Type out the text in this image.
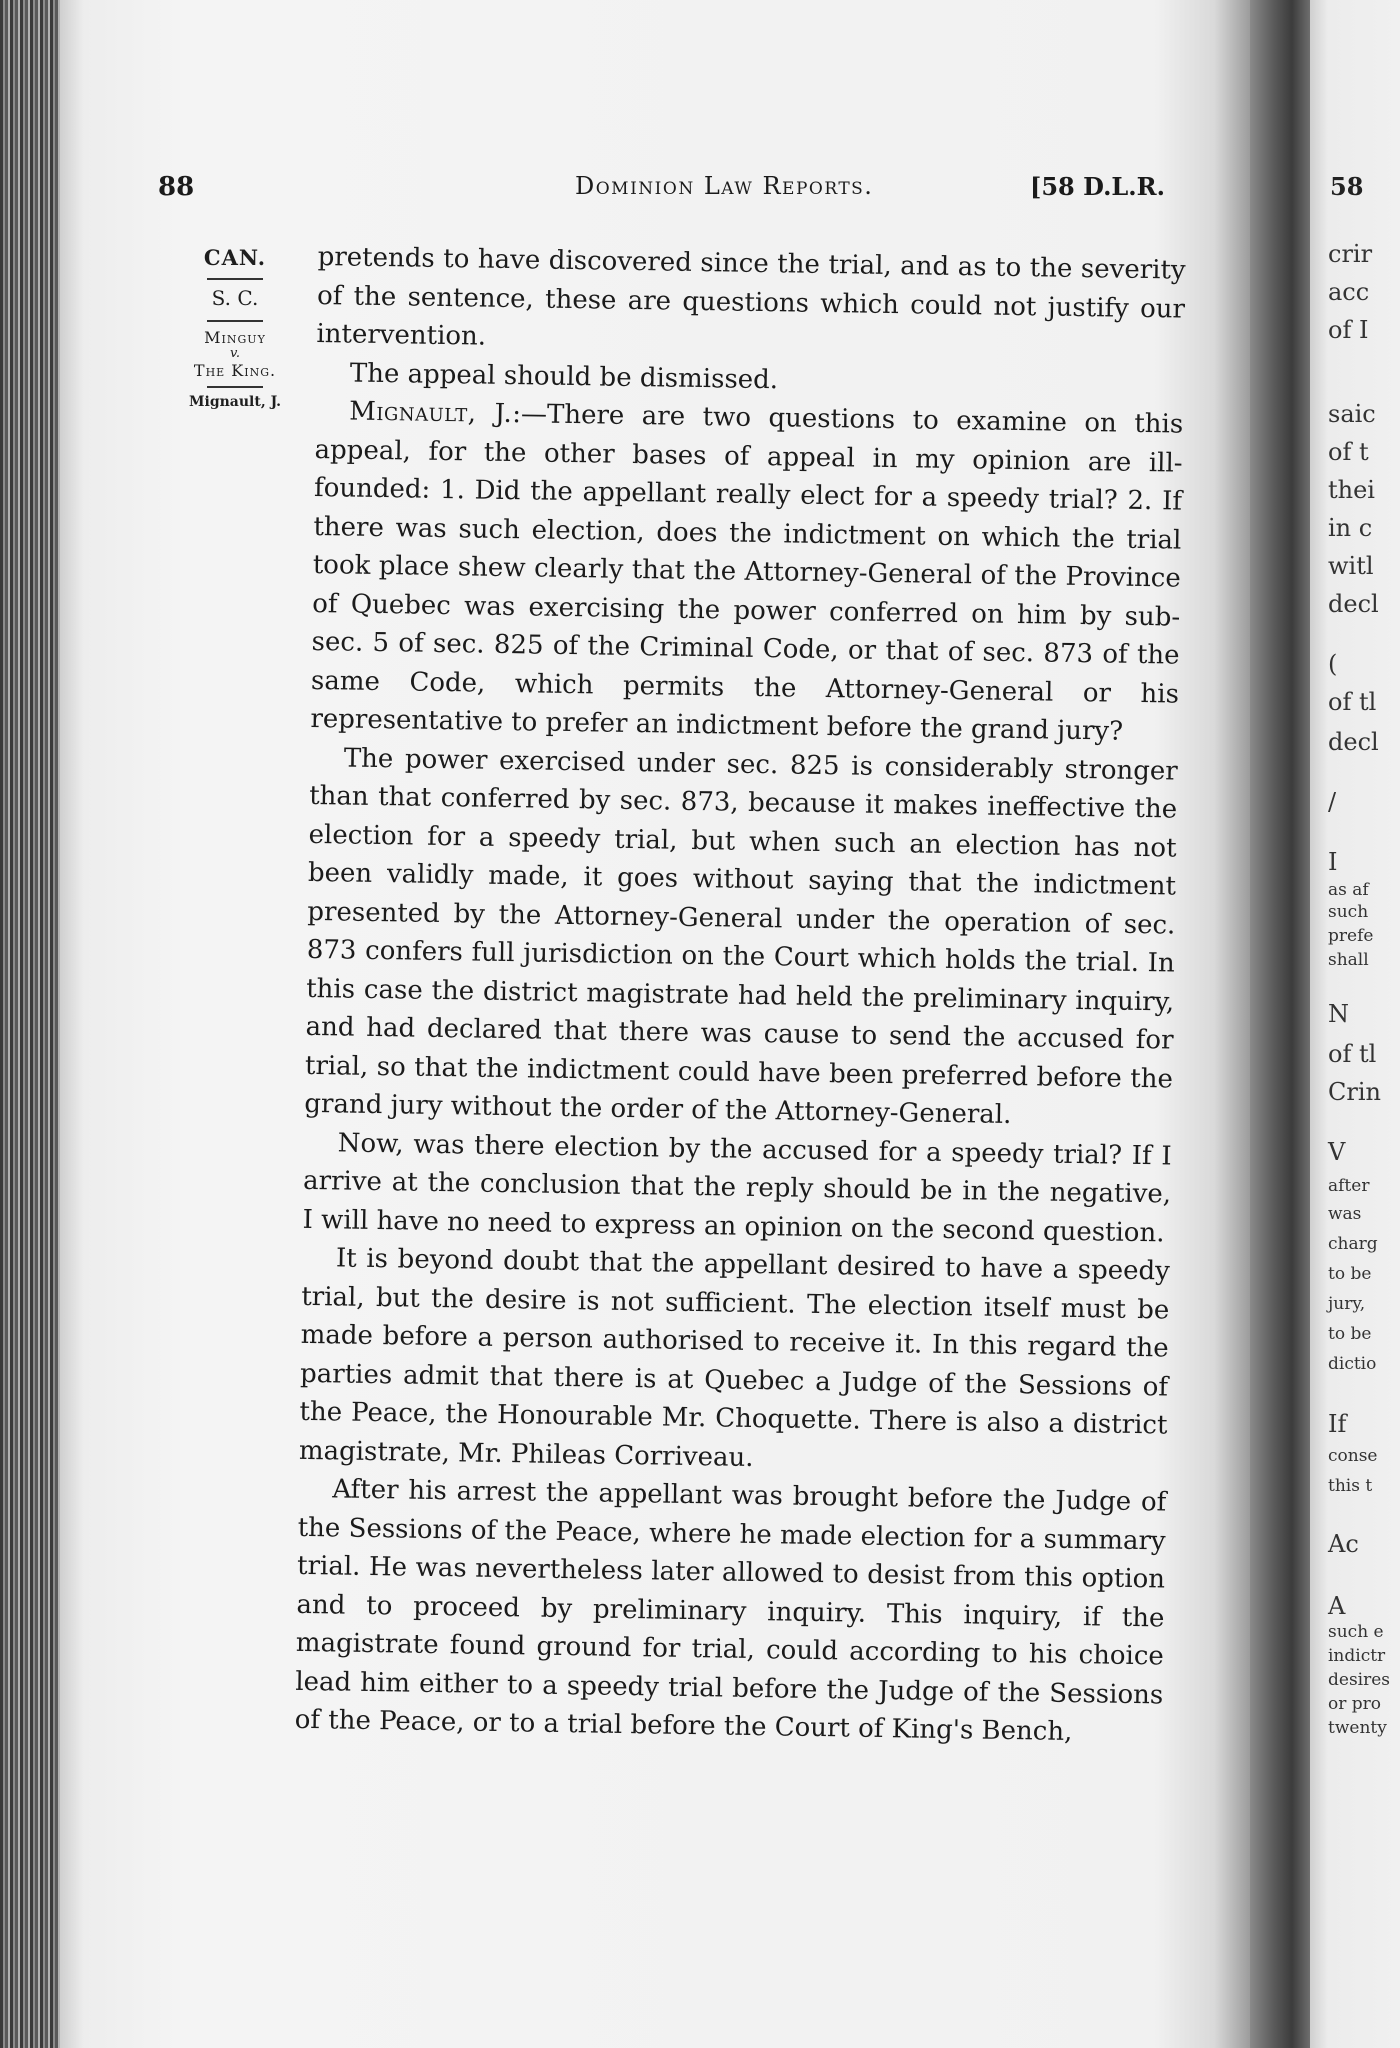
88	Dominion Law Reports.	[58 D.L.R.
CAN.
S. C.
Minguy
v.
The King.
Mignault, J.

pretends to have discovered since the trial, and as to the severity of the sentence, these are questions which could not justify our intervention.

The appeal should be dismissed.

Mignault, J.:—There are two questions to examine on this appeal, for the other bases of appeal in my opinion are ill-founded: 1. Did the appellant really elect for a speedy trial? 2. If there was such election, does the indictment on which the trial took place shew clearly that the Attorney-General of the Province of Quebec was exercising the power conferred on him by sub-sec. 5 of sec. 825 of the Criminal Code, or that of sec. 873 of the same Code, which permits the Attorney-General or his representative to prefer an indictment before the grand jury?

The power exercised under sec. 825 is considerably stronger than that conferred by sec. 873, because it makes ineffective the election for a speedy trial, but when such an election has not been validly made, it goes without saying that the indictment presented by the Attorney-General under the operation of sec. 873 confers full jurisdiction on the Court which holds the trial. In this case the district magistrate had held the preliminary inquiry, and had declared that there was cause to send the accused for trial, so that the indictment could have been preferred before the grand jury without the order of the Attorney-General.

Now, was there election by the accused for a speedy trial? If I arrive at the conclusion that the reply should be in the negative, I will have no need to express an opinion on the second question.

It is beyond doubt that the appellant desired to have a speedy trial, but the desire is not sufficient. The election itself must be made before a person authorised to receive it. In this regard the parties admit that there is at Quebec a Judge of the Sessions of the Peace, the Honourable Mr. Choquette. There is also a district magistrate, Mr. Phileas Corriveau.

After his arrest the appellant was brought before the Judge of the Sessions of the Peace, where he made election for a summary trial. He was nevertheless later allowed to desist from this option and to proceed by preliminary inquiry. This inquiry, if the magistrate found ground for trial, could according to his choice lead him either to a speedy trial before the Judge of the Sessions of the Peace, or to a trial before the Court of King's Bench,

58
crir
acc
of I
saic
of t
thei
in c
witl
decl
(
of tl
decl
/
I
as af
such
prefe
shall
N
of tl
Crin
V
after
was
charg
to be
jury,
to be
dictio
If
conse
this t
Ac
A
such e
indictr
desires
or pro
twenty
